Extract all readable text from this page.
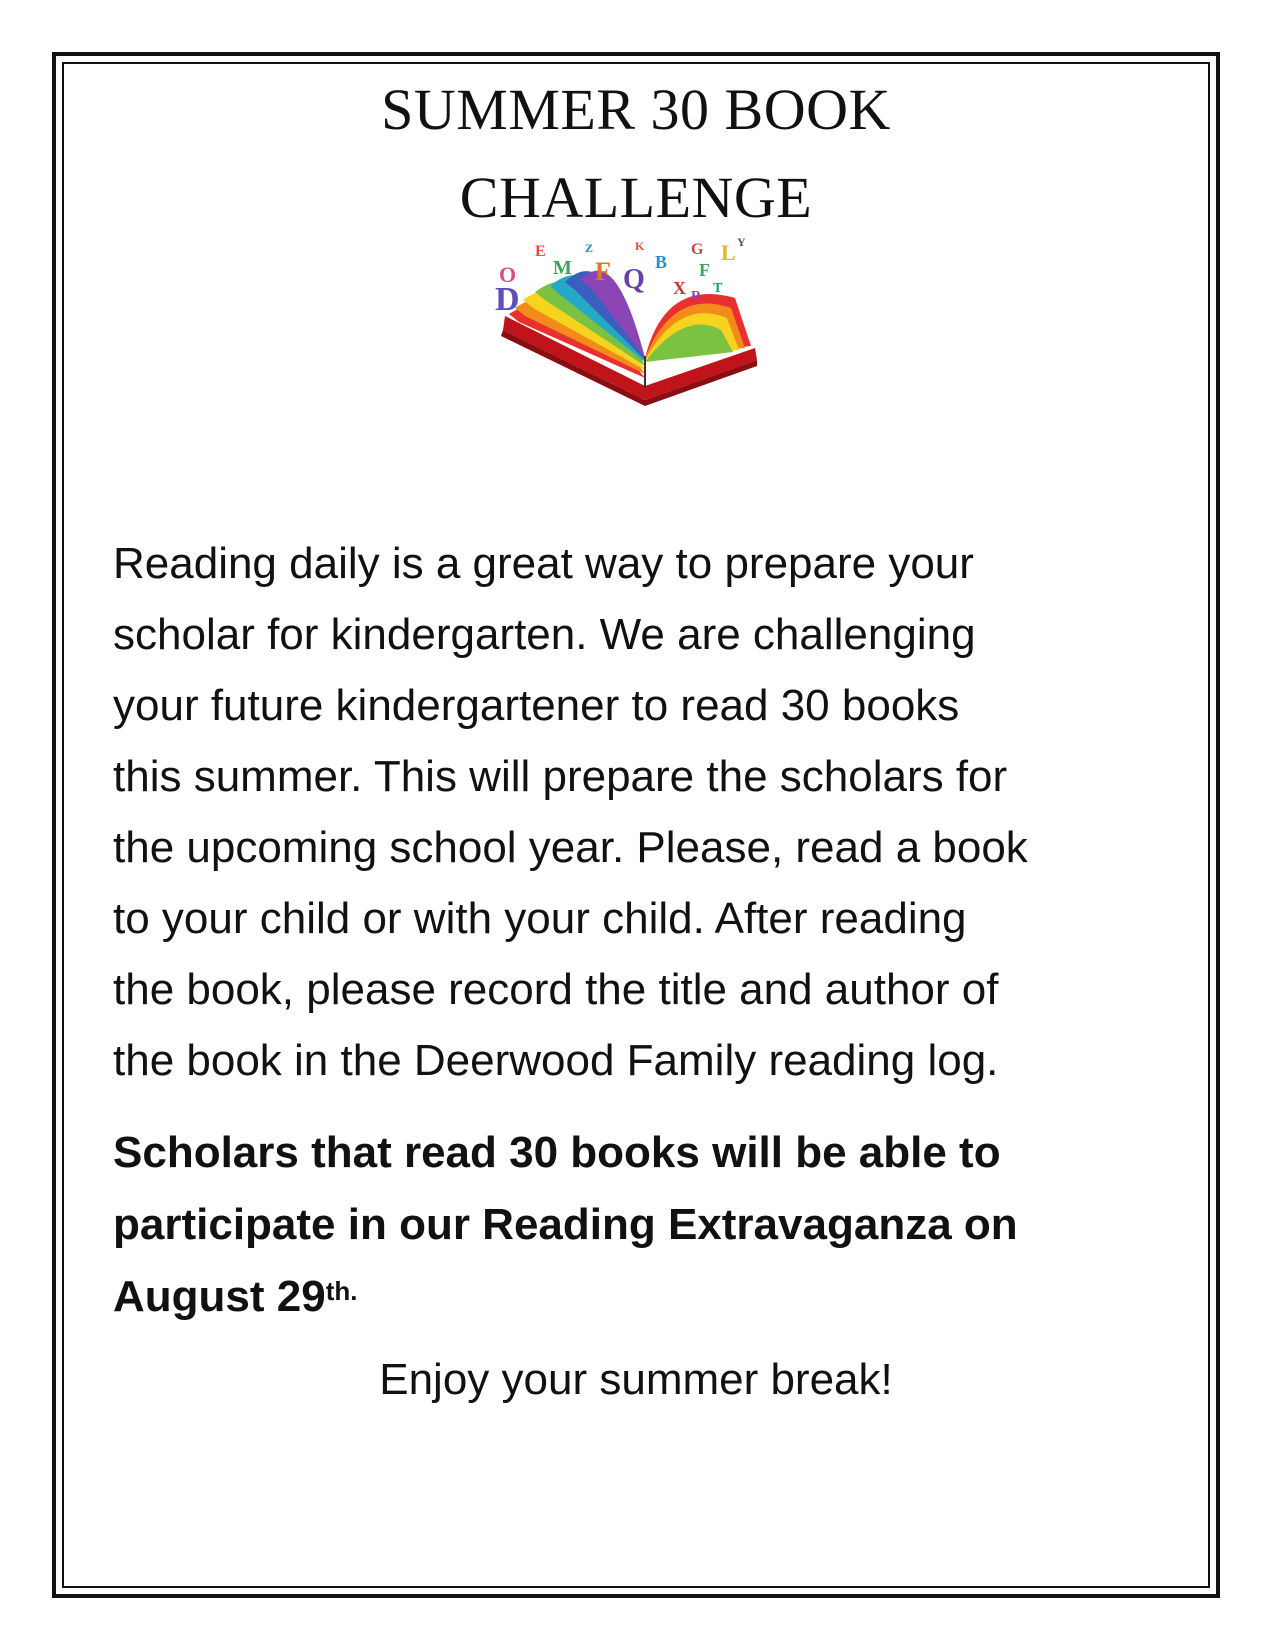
SUMMER 30 BOOK
CHALLENGE
O
D
E
M F Q
B
G L
F
X R
T
Y
K
Z

Reading daily is a great way to prepare your
scholar for kindergarten. We are challenging
your future kindergartener to read 30 books
this summer. This will prepare the scholars for
the upcoming school year. Please, read a book
to your child or with your child. After reading
the book, please record the title and author of
the book in the Deerwood Family reading log.

Scholars that read 30 books will be able to
participate in our Reading Extravaganza on
August $29^{th.}$

Enjoy your summer break!
